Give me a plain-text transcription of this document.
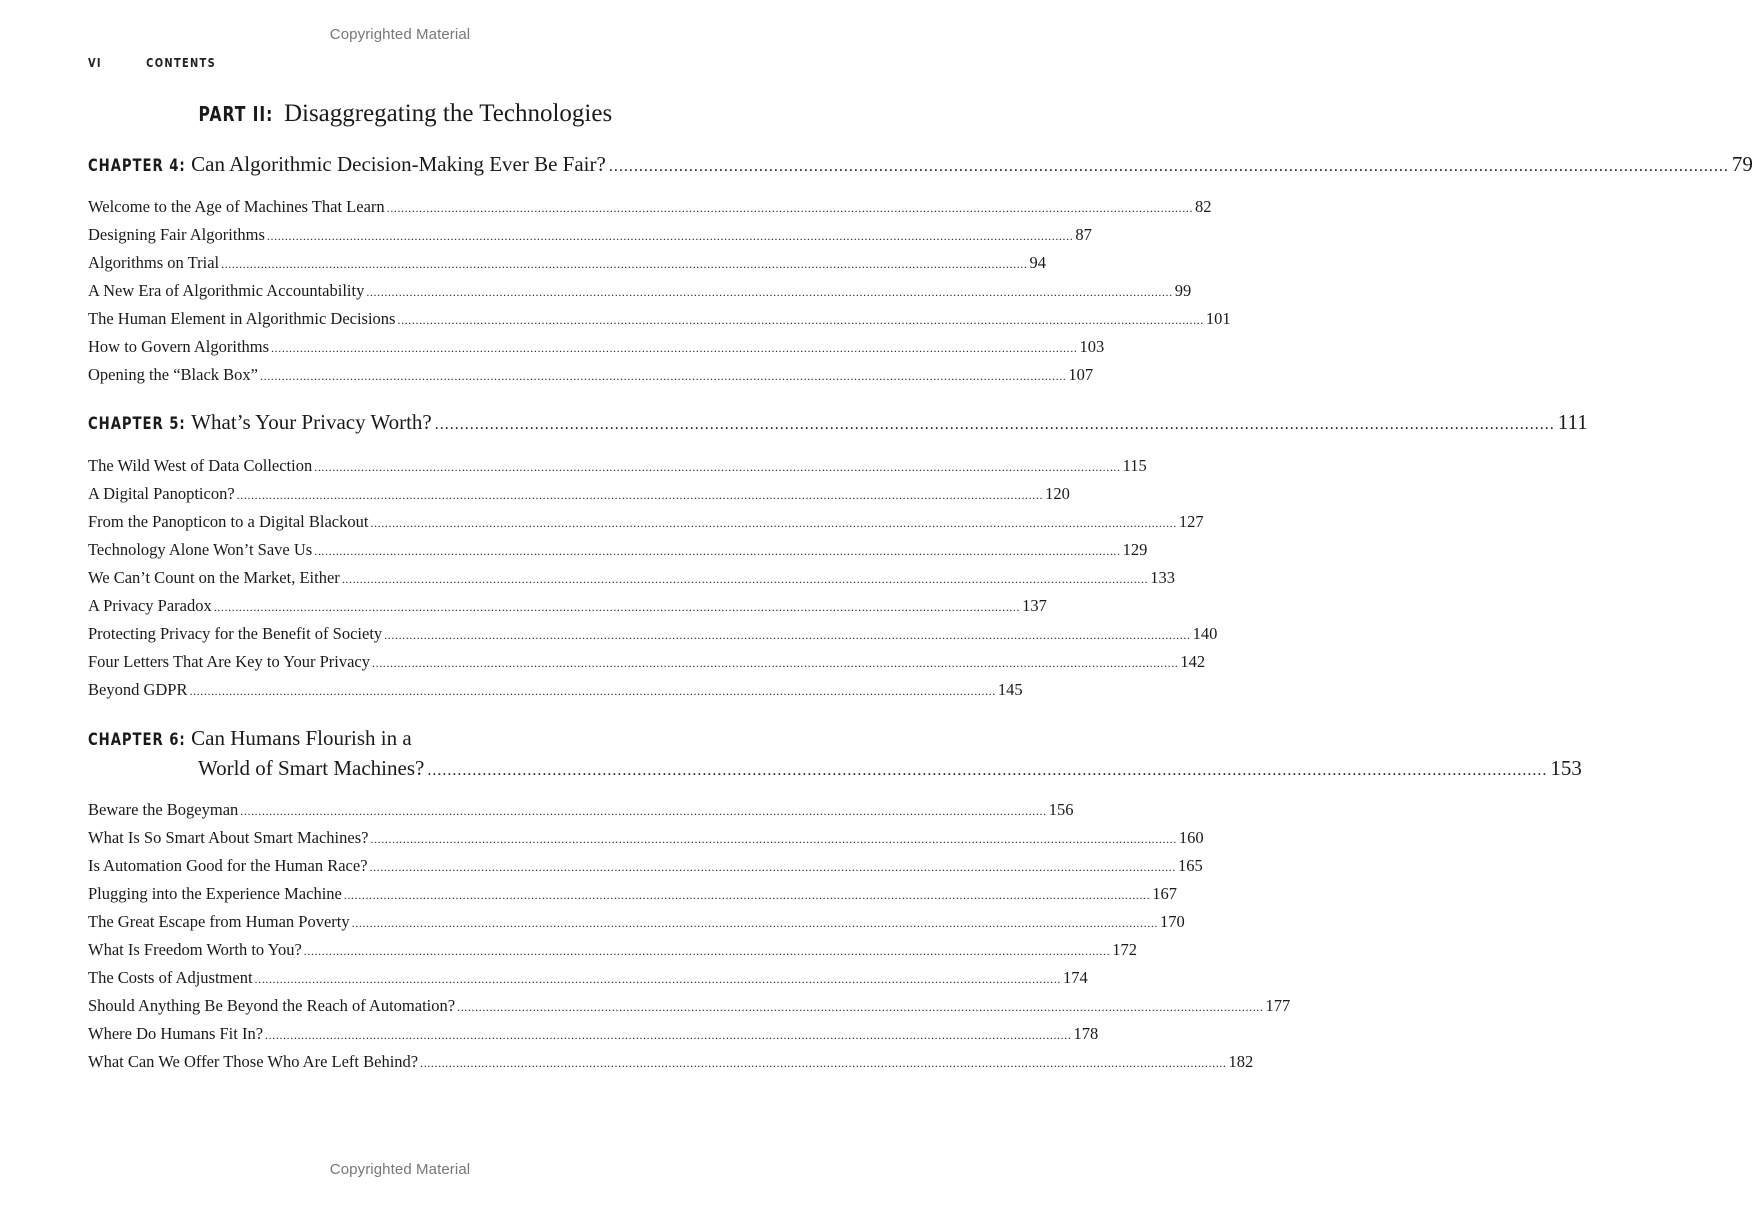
Copyrighted Material
VI	CONTENTS
PART II: Disaggregating the Technologies
CHAPTER 4: Can Algorithmic Decision-Making Ever Be Fair? ................................................................................................................................................................................................................................ 79
Welcome to the Age of Machines That Learn ................................................................................................................................................................................................................................ 82
Designing Fair Algorithms ................................................................................................................................................................................................................................ 87
Algorithms on Trial ................................................................................................................................................................................................................................ 94
A New Era of Algorithmic Accountability ................................................................................................................................................................................................................................ 99
The Human Element in Algorithmic Decisions ................................................................................................................................................................................................................................ 101
How to Govern Algorithms ................................................................................................................................................................................................................................ 103
Opening the “Black Box” ................................................................................................................................................................................................................................ 107
CHAPTER 5: What’s Your Privacy Worth? ................................................................................................................................................................................................................................ 111
The Wild West of Data Collection ................................................................................................................................................................................................................................ 115
A Digital Panopticon? ................................................................................................................................................................................................................................ 120
From the Panopticon to a Digital Blackout ................................................................................................................................................................................................................................ 127
Technology Alone Won’t Save Us ................................................................................................................................................................................................................................ 129
We Can’t Count on the Market, Either ................................................................................................................................................................................................................................ 133
A Privacy Paradox ................................................................................................................................................................................................................................ 137
Protecting Privacy for the Benefit of Society ................................................................................................................................................................................................................................ 140
Four Letters That Are Key to Your Privacy ................................................................................................................................................................................................................................ 142
Beyond GDPR ................................................................................................................................................................................................................................ 145
CHAPTER 6: Can Humans Flourish in a
World of Smart Machines? ................................................................................................................................................................................................................................ 153
Beware the Bogeyman ................................................................................................................................................................................................................................ 156
What Is So Smart About Smart Machines? ................................................................................................................................................................................................................................ 160
Is Automation Good for the Human Race? ................................................................................................................................................................................................................................ 165
Plugging into the Experience Machine ................................................................................................................................................................................................................................ 167
The Great Escape from Human Poverty ................................................................................................................................................................................................................................ 170
What Is Freedom Worth to You? ................................................................................................................................................................................................................................ 172
The Costs of Adjustment ................................................................................................................................................................................................................................ 174
Should Anything Be Beyond the Reach of Automation? ................................................................................................................................................................................................................................ 177
Where Do Humans Fit In? ................................................................................................................................................................................................................................ 178
What Can We Offer Those Who Are Left Behind? ................................................................................................................................................................................................................................ 182
Copyrighted Material
